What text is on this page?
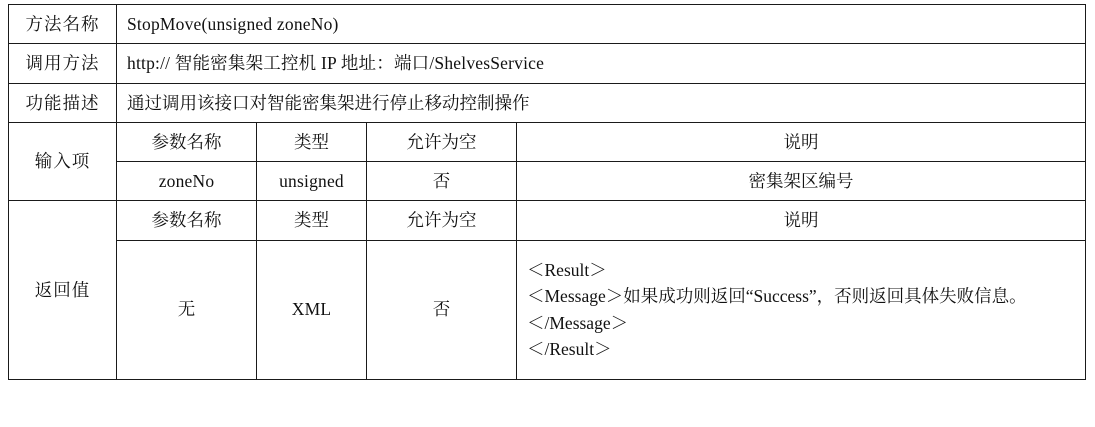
方法名称	StopMove(unsigned zoneNo)			
调用方法	http:// 智能密集架工控机 IP 地址：端口/ShelvesService			
功能描述	通过调用该接口对智能密集架进行停止移动控制操作			
输入项	参数名称	类型	允许为空	说明
	zoneNo	unsigned	否	密集架区编号
返回值	参数名称	类型	允许为空	说明
	无	XML	否	＜Result＞
＜Message＞如果成功则返回“Success”，否则返回具体失败信息。＜/Message＞
＜/Result＞
